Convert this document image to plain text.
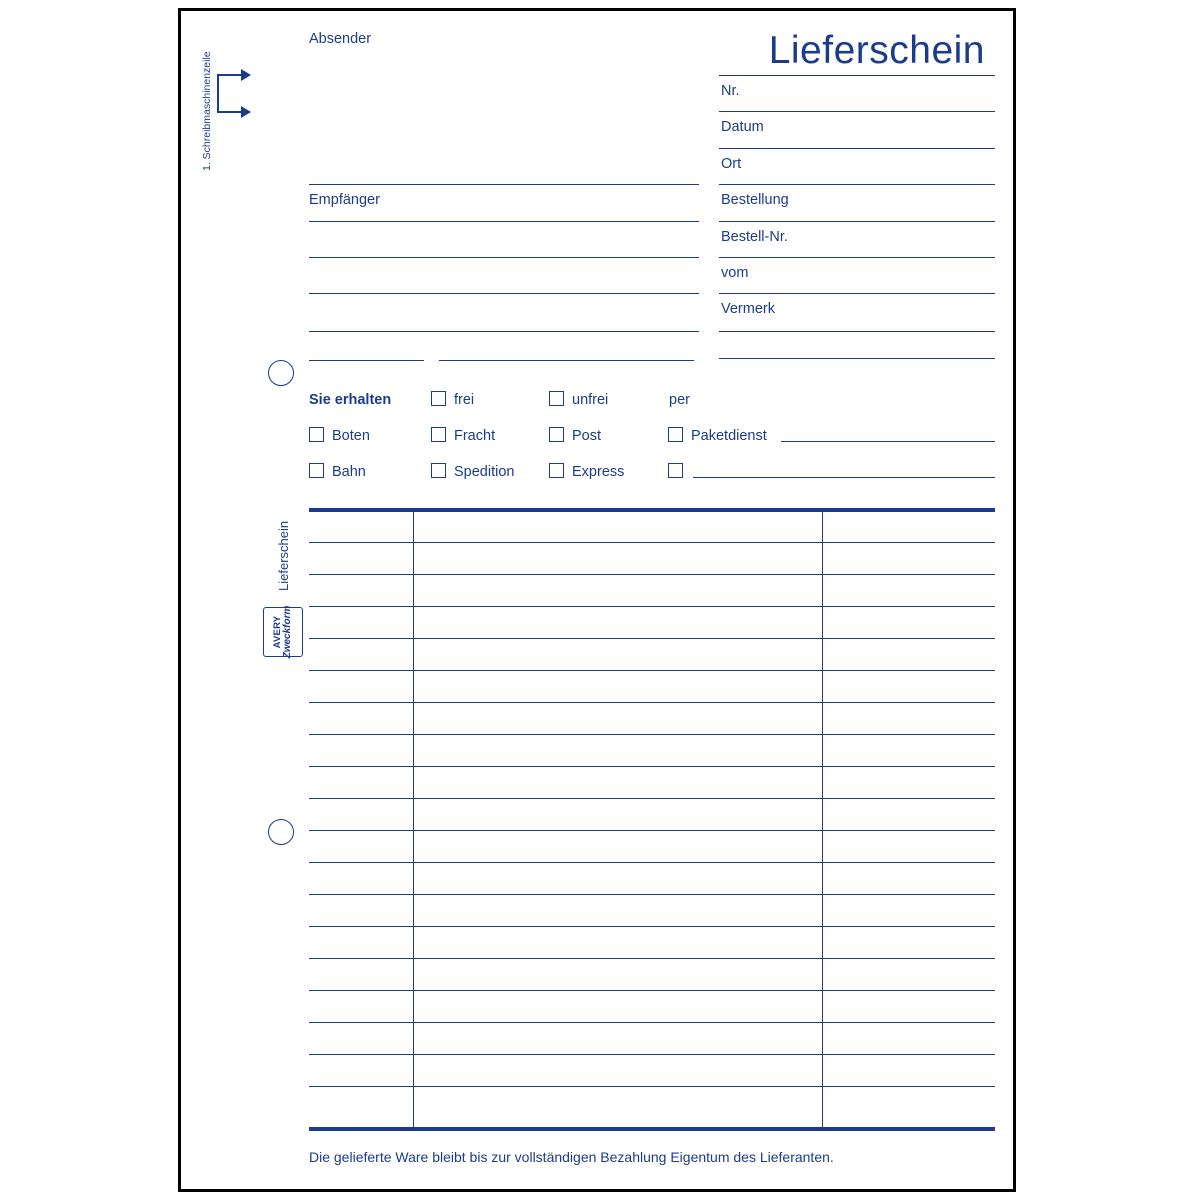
1. Schreibmaschinenzeile
Lieferschein
AVERY
Zweckform
Lieferschein
Absender
Empfänger
Nr.
Datum
Ort
Bestellung
Bestell-Nr.
vom
Vermerk
Sie erhalten	frei	unfrei	per
Boten	Fracht	Post	Paketdienst
Bahn	Spedition	Express
Die gelieferte Ware bleibt bis zur vollständigen Bezahlung Eigentum des Lieferanten.
